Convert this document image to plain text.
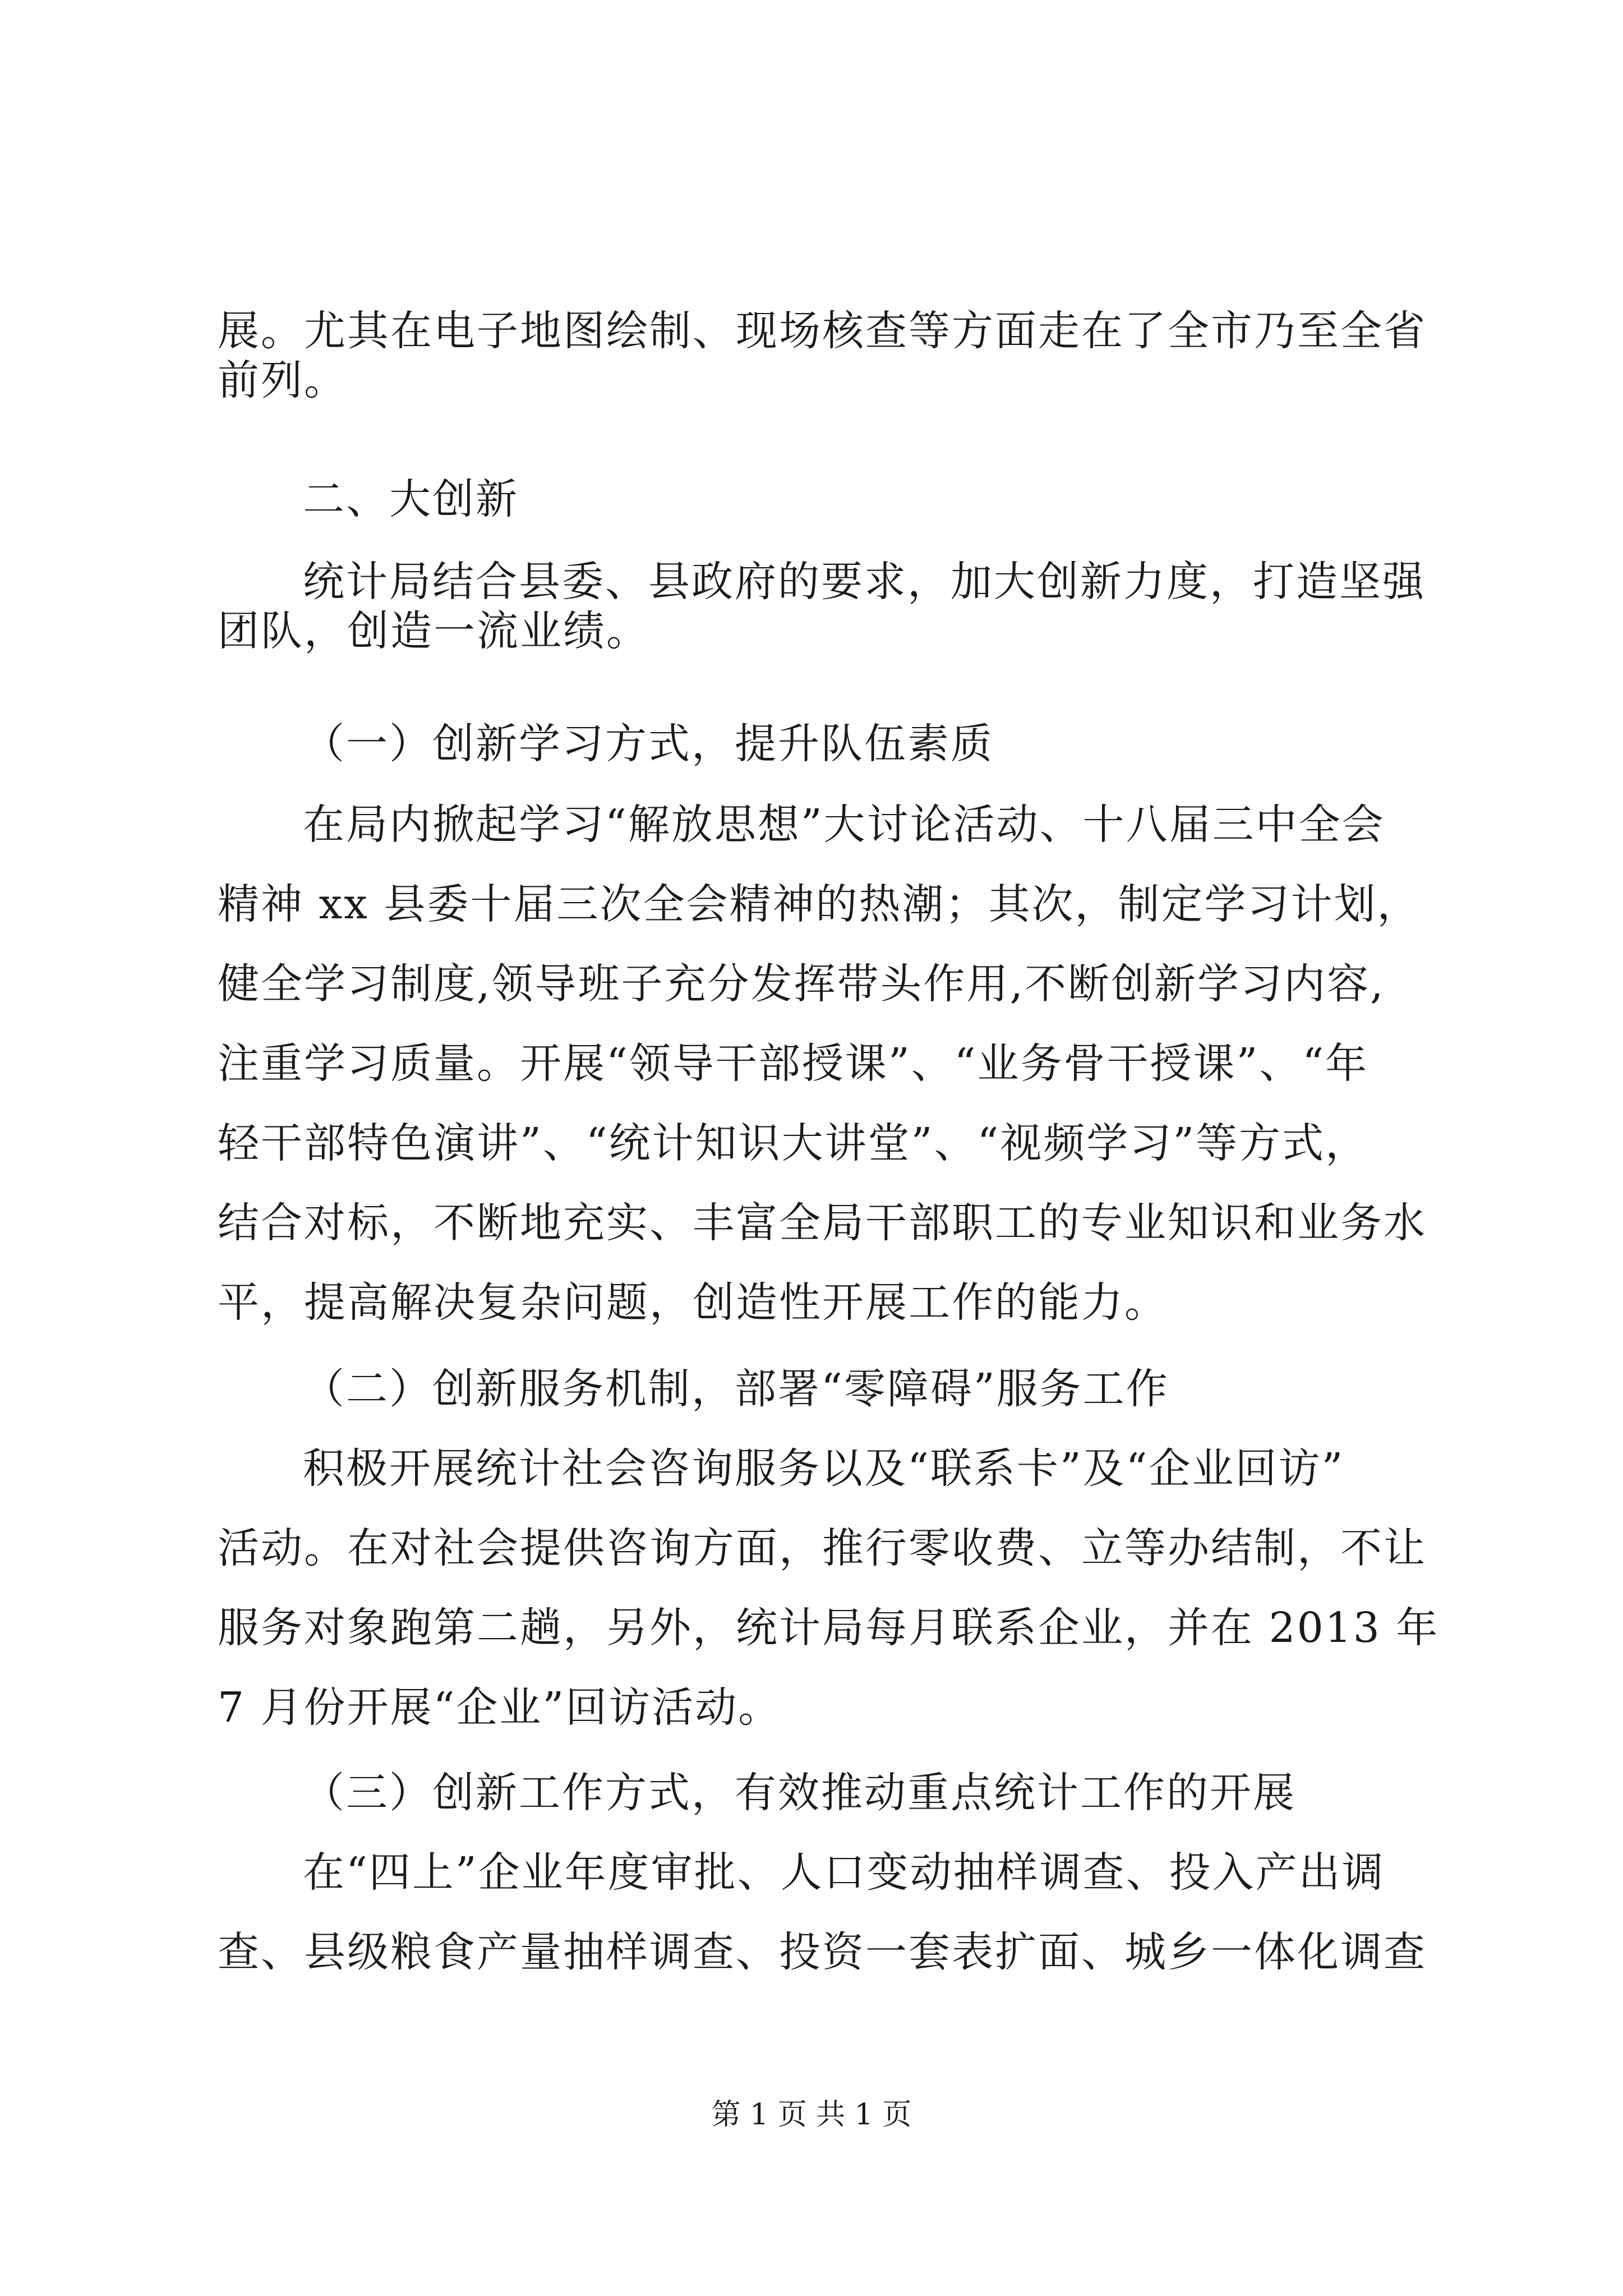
展。尤其在电子地图绘制、现场核查等方面走在了全市乃至全省
前列。
二、大创新
统计局结合县委、县政府的要求，加大创新力度，打造坚强
团队，创造一流业绩。
（一）创新学习方式，提升队伍素质
在局内掀起学习“解放思想”大讨论活动、十八届三中全会
精神 xx 县委十届三次全会精神的热潮；其次，制定学习计划，
健全学习制度,领导班子充分发挥带头作用,不断创新学习内容,
注重学习质量。开展“领导干部授课”、“业务骨干授课”、“年
轻干部特色演讲”、“统计知识大讲堂”、“视频学习”等方式，
结合对标，不断地充实、丰富全局干部职工的专业知识和业务水
平，提高解决复杂问题，创造性开展工作的能力。
（二）创新服务机制，部署“零障碍”服务工作
积极开展统计社会咨询服务以及“联系卡”及“企业回访”
活动。在对社会提供咨询方面，推行零收费、立等办结制，不让
服务对象跑第二趟，另外，统计局每月联系企业，并在 2013 年
7 月份开展“企业”回访活动。
（三）创新工作方式，有效推动重点统计工作的开展
在“四上”企业年度审批、人口变动抽样调查、投入产出调
查、县级粮食产量抽样调查、投资一套表扩面、城乡一体化调查
第 1 页 共 1 页
